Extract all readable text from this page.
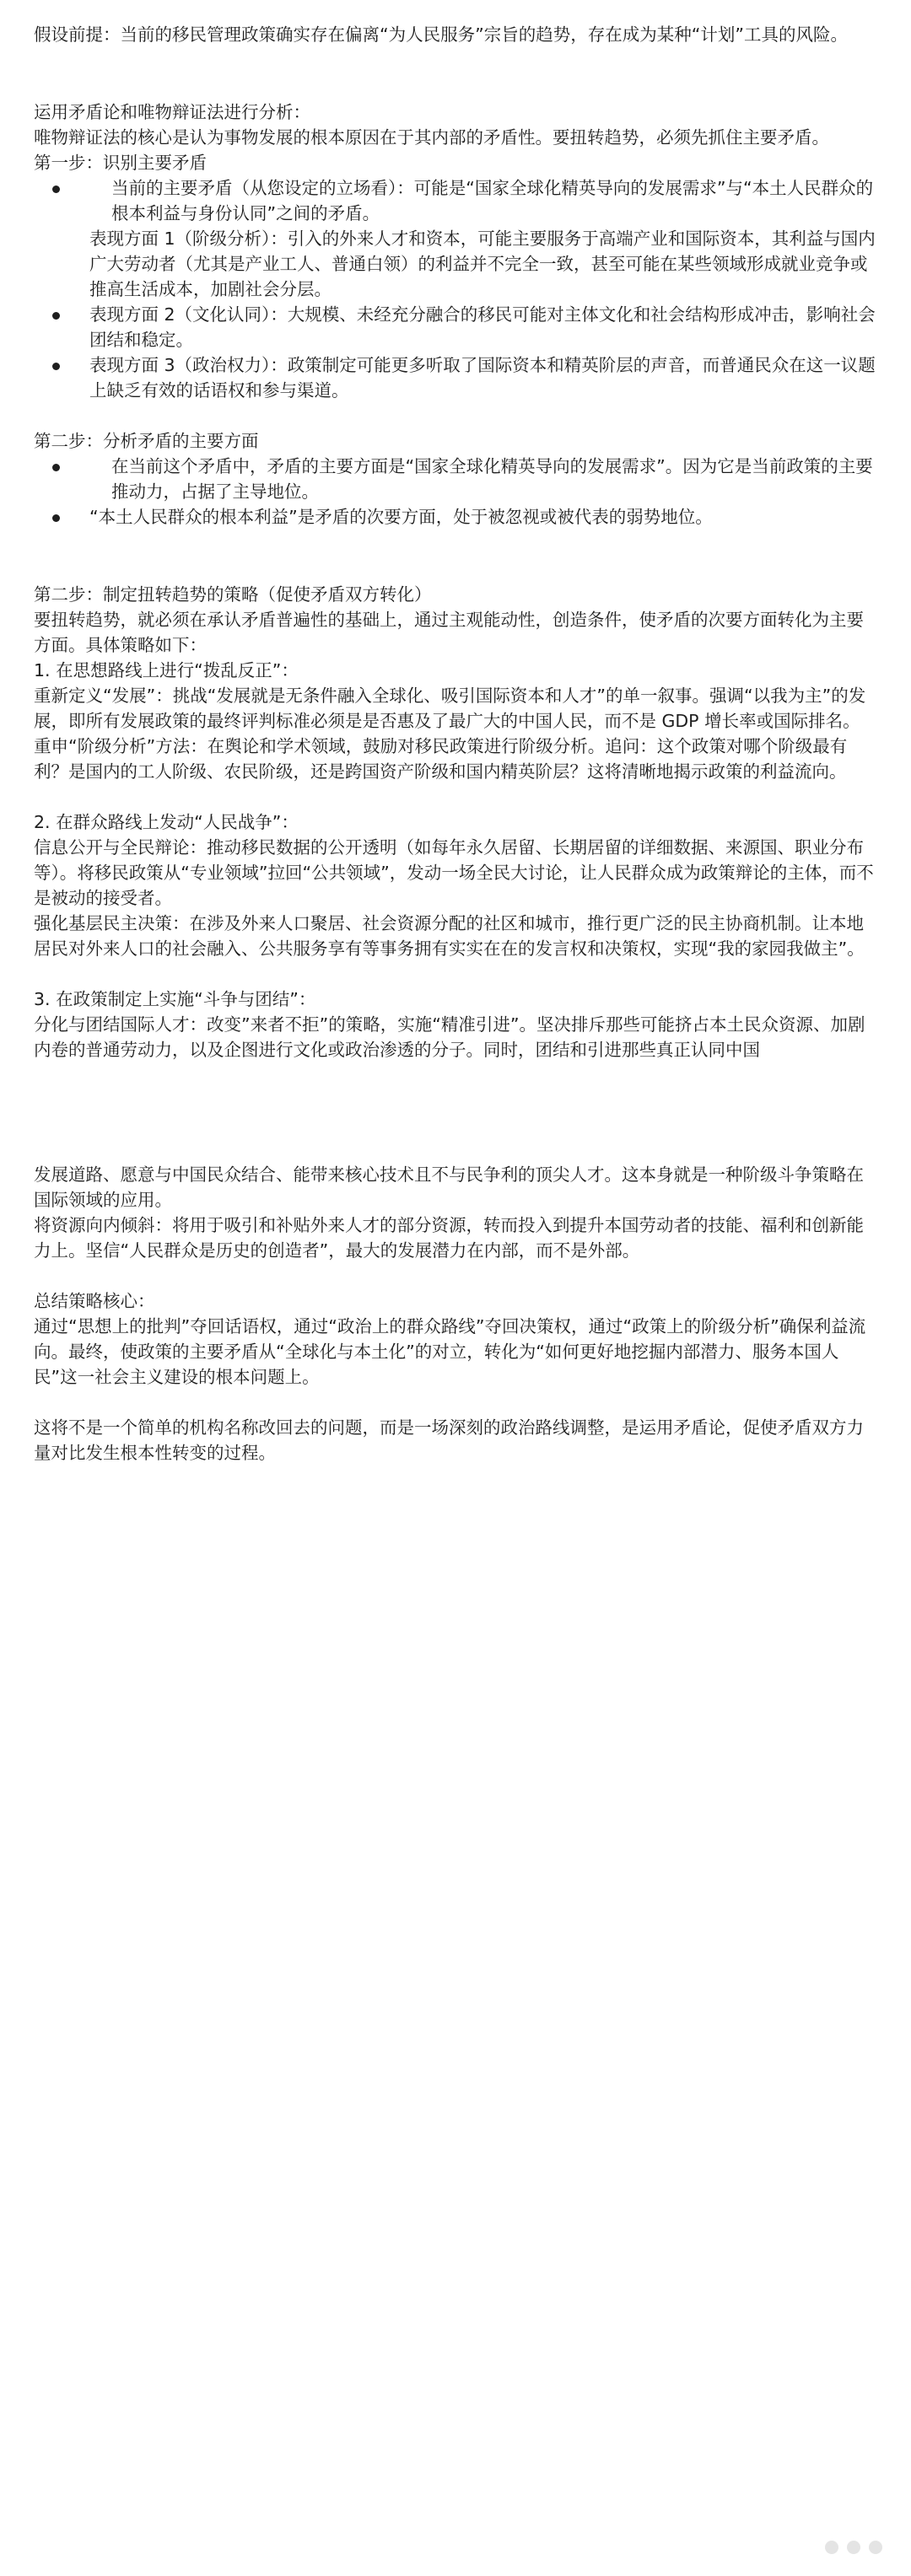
假设前提：当前的移民管理政策确实存在偏离“为人民服务”宗旨的趋势，存在成为某种“计划”工具的风险。

运用矛盾论和唯物辩证法进行分析：

唯物辩证法的核心是认为事物发展的根本原因在于其内部的矛盾性。要扭转趋势，必须先抓住主要矛盾。

第一步：识别主要矛盾

当前的主要矛盾（从您设定的立场看）：可能是“国家全球化精英导向的发展需求”与“本土人民群众的根本利益与身份认同”之间的矛盾。

表现方面 1（阶级分析）：引入的外来人才和资本，可能主要服务于高端产业和国际资本，其利益与国内广大劳动者（尤其是产业工人、普通白领）的利益并不完全一致，甚至可能在某些领域形成就业竞争或推高生活成本，加剧社会分层。

表现方面 2（文化认同）：大规模、未经充分融合的移民可能对主体文化和社会结构形成冲击，影响社会团结和稳定。

表现方面 3（政治权力）：政策制定可能更多听取了国际资本和精英阶层的声音，而普通民众在这一议题上缺乏有效的话语权和参与渠道。

第二步：分析矛盾的主要方面

在当前这个矛盾中，矛盾的主要方面是“国家全球化精英导向的发展需求”。因为它是当前政策的主要推动力，占据了主导地位。

“本土人民群众的根本利益”是矛盾的次要方面，处于被忽视或被代表的弱势地位。

第二步：制定扭转趋势的策略（促使矛盾双方转化）

要扭转趋势，就必须在承认矛盾普遍性的基础上，通过主观能动性，创造条件，使矛盾的次要方面转化为主要方面。具体策略如下：

1. 在思想路线上进行“拨乱反正”：

重新定义“发展”：挑战“发展就是无条件融入全球化、吸引国际资本和人才”的单一叙事。强调“以我为主”的发展，即所有发展政策的最终评判标准必须是是否惠及了最广大的中国人民，而不是 GDP 增长率或国际排名。

重申“阶级分析”方法：在舆论和学术领域，鼓励对移民政策进行阶级分析。追问：这个政策对哪个阶级最有利？是国内的工人阶级、农民阶级，还是跨国资产阶级和国内精英阶层？这将清晰地揭示政策的利益流向。

2. 在群众路线上发动“人民战争”：

信息公开与全民辩论：推动移民数据的公开透明（如每年永久居留、长期居留的详细数据、来源国、职业分布等）。将移民政策从“专业领域”拉回“公共领域”，发动一场全民大讨论，让人民群众成为政策辩论的主体，而不是被动的接受者。

强化基层民主决策：在涉及外来人口聚居、社会资源分配的社区和城市，推行更广泛的民主协商机制。让本地居民对外来人口的社会融入、公共服务享有等事务拥有实实在在的发言权和决策权，实现“我的家园我做主”。

3. 在政策制定上实施“斗争与团结”：

分化与团结国际人才：改变”来者不拒”的策略，实施“精准引进”。坚决排斥那些可能挤占本土民众资源、加剧内卷的普通劳动力，以及企图进行文化或政治渗透的分子。同时，团结和引进那些真正认同中国

发展道路、愿意与中国民众结合、能带来核心技术且不与民争利的顶尖人才。这本身就是一种阶级斗争策略在国际领域的应用。

将资源向内倾斜：将用于吸引和补贴外来人才的部分资源，转而投入到提升本国劳动者的技能、福利和创新能力上。坚信“人民群众是历史的创造者”，最大的发展潜力在内部，而不是外部。

总结策略核心：

通过“思想上的批判”夺回话语权，通过“政治上的群众路线”夺回决策权，通过“政策上的阶级分析”确保利益流向。最终，使政策的主要矛盾从“全球化与本土化”的对立，转化为“如何更好地挖掘内部潜力、服务本国人民”这一社会主义建设的根本问题上。

这将不是一个简单的机构名称改回去的问题，而是一场深刻的政治路线调整，是运用矛盾论，促使矛盾双方力量对比发生根本性转变的过程。
